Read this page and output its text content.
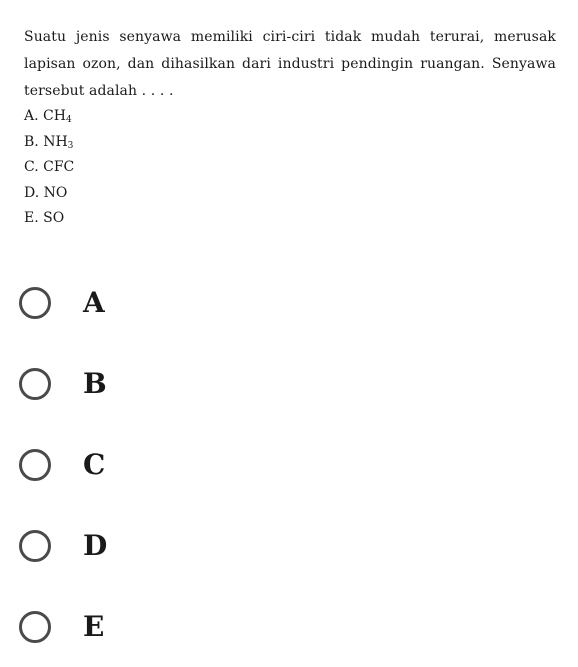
Suatu jenis senyawa memiliki ciri-ciri tidak mudah terurai, merusak lapisan ozon, dan dihasilkan dari industri pendingin ruangan. Senyawa tersebut adalah . . . .
A. $CH_4$
B. $NH_3$
C. CFC
D. NO
E. SO
A
B
C
D
E
